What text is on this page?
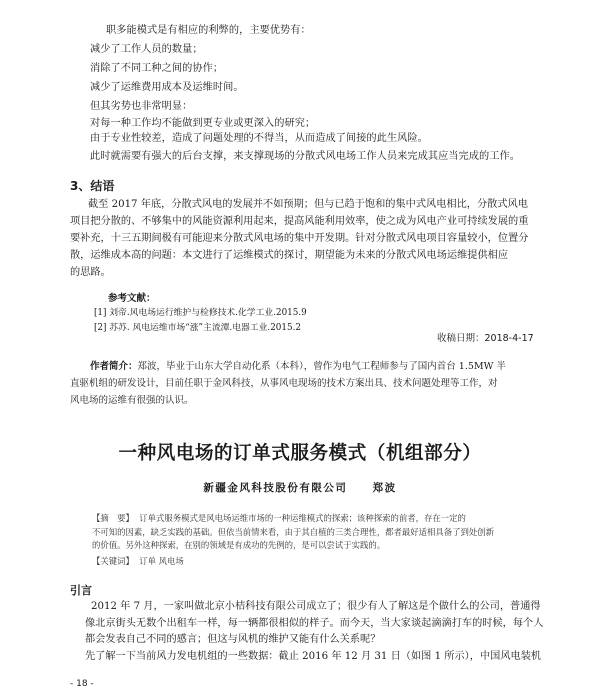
职多能模式是有相应的利弊的，主要优势有：
减少了工作人员的数量；
消除了不同工种之间的协作；
减少了运维费用成本及运维时间。
但其劣势也非常明显：
对每一种工作均不能做到更专业或更深入的研究；
由于专业性较差，造成了问题处理的不得当，从而造成了间接的此生风险。
此时就需要有强大的后台支撑，来支撑现场的分散式风电场工作人员来完成其应当完成的工作。
3、结语
截至 2017 年底，分散式风电的发展并不如预期；但与已趋于饱和的集中式风电相比，分散式风电
项目把分散的、不够集中的风能资源利用起来，提高风能利用效率，使之成为风电产业可持续发展的重
要补充，十三五期间极有可能迎来分散式风电场的集中开发期。针对分散式风电项目容量较小，位置分
散，运维成本高的问题：本文进行了运维模式的探讨，期望能为未来的分散式风电场运维提供相应
的思路。
参考文献：
[1] 刘帝.风电场运行维护与检修技术.化学工业.2015.9
[2] 苏苏. 风电运维市场“涨”主流潭.电器工业.2015.2
收稿日期：2018-4-17
作者简介：郑波，毕业于山东大学自动化系（本科），曾作为电气工程师参与了国内首台 1.5MW 半
直驱机组的研发设计，目前任职于金风科技，从事风电现场的技术方案出具、技术问题处理等工作，对
风电场的运维有很强的认识。
一种风电场的订单式服务模式（机组部分）
新疆金风科技股份有限公司 郑波
【摘　要】 订单式服务模式是风电场运维市场的一种运维模式的探索；该种探索的前者，存在一定的
不可知的因素，缺乏实践的基础。但依当前情来看，由于其自植的三类合理性，都者最好适相具备了到处创新
的价值。另外这种探索，在别的领域是有成功的先例的，是可以尝试于实践的。
【关键词】 订单 风电场
引言
2012 年 7 月，一家叫做北京小桔科技有限公司成立了；很少有人了解这是个做什么的公司，普通得
像北京街头无数个出租车一样，每一辆都很相似的样子。而今天，当大家谈起滴滴打车的时候，每个人
都会发表自己不同的感言；但这与风机的维护又能有什么关系呢？
先了解一下当前风力发电机组的一些数据：截止 2016 年 12 月 31 日（如图 1 所示），中国风电装机
- 18 -
